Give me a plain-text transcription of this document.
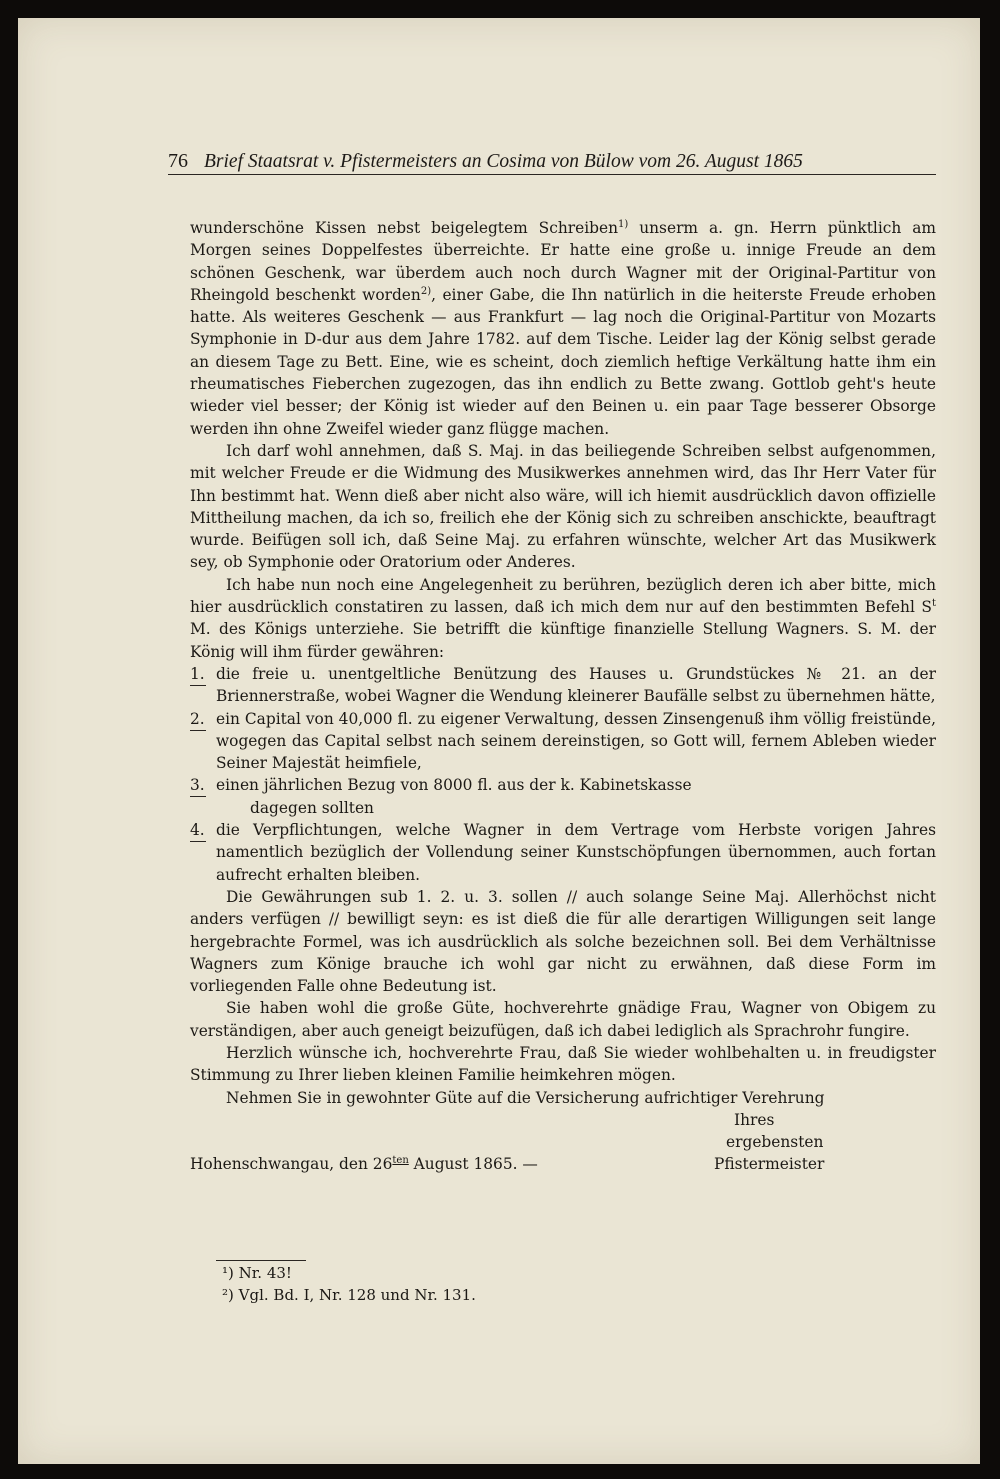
76 Brief Staatsrat v. Pfistermeisters an Cosima von Bülow vom 26. August 1865

wunderschöne Kissen nebst beigelegtem Schreiben$^{1)}$ unserm a. gn. Herrn pünktlich am Morgen seines Doppelfestes überreichte. Er hatte eine große u. innige Freude an dem schönen Geschenk, war überdem auch noch durch Wagner mit der Original-Partitur von Rheingold beschenkt worden$^{2)}$, einer Gabe, die Ihn natürlich in die heiterste Freude erhoben hatte. Als weiteres Geschenk — aus Frankfurt — lag noch die Original-Partitur von Mozarts Symphonie in D-dur aus dem Jahre 1782. auf dem Tische. Leider lag der König selbst gerade an diesem Tage zu Bett. Eine, wie es scheint, doch ziemlich heftige Verkältung hatte ihm ein rheumatisches Fieberchen zugezogen, das ihn endlich zu Bette zwang. Gottlob geht's heute wieder viel besser; der König ist wieder auf den Beinen u. ein paar Tage besserer Obsorge werden ihn ohne Zweifel wieder ganz flügge machen.

Ich darf wohl annehmen, daß S. Maj. in das beiliegende Schreiben selbst aufgenommen, mit welcher Freude er die Widmung des Musikwerkes annehmen wird, das Ihr Herr Vater für Ihn bestimmt hat. Wenn dieß aber nicht also wäre, will ich hiemit ausdrücklich davon offizielle Mittheilung machen, da ich so, freilich ehe der König sich zu schreiben anschickte, beauftragt wurde. Beifügen soll ich, daß Seine Maj. zu erfahren wünschte, welcher Art das Musikwerk sey, ob Symphonie oder Oratorium oder Anderes.

Ich habe nun noch eine Angelegenheit zu berühren, bezüglich deren ich aber bitte, mich hier ausdrücklich constatiren zu lassen, daß ich mich dem nur auf den bestimmten Befehl $S^t$ M. des Königs unterziehe. Sie betrifft die künftige finanzielle Stellung Wagners. S. M. der König will ihm fürder gewähren:

1. die freie u. unentgeltliche Benützung des Hauses u. Grundstückes № 21. an der Briennerstraße, wobei Wagner die Wendung kleinerer Baufälle selbst zu übernehmen hätte,
2. ein Capital von 40,000 fl. zu eigener Verwaltung, dessen Zinsengenuß ihm völlig freistünde, wogegen das Capital selbst nach seinem dereinstigen, so Gott will, fernem Ableben wieder Seiner Majestät heimfiele,
3. einen jährlichen Bezug von 8000 fl. aus der k. Kabinetskasse
dagegen sollten
4. die Verpflichtungen, welche Wagner in dem Vertrage vom Herbste vorigen Jahres namentlich bezüglich der Vollendung seiner Kunstschöpfungen übernommen, auch fortan aufrecht erhalten bleiben.

Die Gewährungen sub 1. 2. u. 3. sollen // auch solange Seine Maj. Allerhöchst nicht anders verfügen // bewilligt seyn: es ist dieß die für alle derartigen Willigungen seit lange hergebrachte Formel, was ich ausdrücklich als solche bezeichnen soll. Bei dem Verhältnisse Wagners zum Könige brauche ich wohl gar nicht zu erwähnen, daß diese Form im vorliegenden Falle ohne Bedeutung ist.

Sie haben wohl die große Güte, hochverehrte gnädige Frau, Wagner von Obigem zu verständigen, aber auch geneigt beizufügen, daß ich dabei lediglich als Sprachrohr fungire.

Herzlich wünsche ich, hochverehrte Frau, daß Sie wieder wohlbehalten u. in freudigster Stimmung zu Ihrer lieben kleinen Familie heimkehren mögen.

Nehmen Sie in gewohnter Güte auf die Versicherung aufrichtiger Verehrung

Ihres
ergebensten
Hohenschwangau, den $26^{ten}$ August 1865. —	Pfistermeister
¹) Nr. 43!
²) Vgl. Bd. I, Nr. 128 und Nr. 131.
